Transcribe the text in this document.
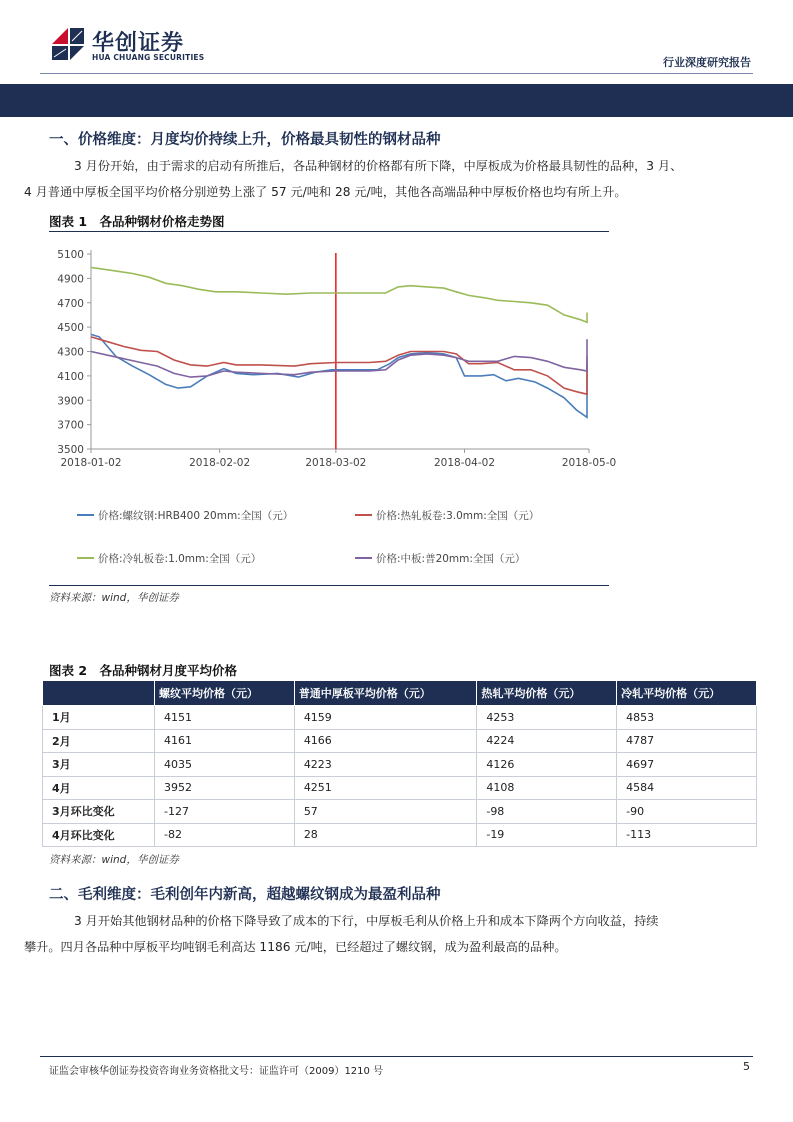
华创证券
HUA CHUANG SECURITIES	行业深度研究报告
一、价格维度：月度均价持续上升，价格最具韧性的钢材品种
3 月份开始，由于需求的启动有所推后，各品种钢材的价格都有所下降，中厚板成为价格最具韧性的品种，3 月、
4 月普通中厚板全国平均价格分别逆势上涨了 57 元/吨和 28 元/吨，其他各高端品种中厚板价格也均有所上升。
图表 1　各品种钢材价格走势图
5100
4900
4700
4500
4300
4100
3900
3700
3500
2018-01-02	2018-02-02	2018-03-02	2018-04-02	2018-05-0
价格:螺纹钢:HRB400 20mm:全国（元）	价格:热轧板卷:3.0mm:全国（元）
价格:冷轧板卷:1.0mm:全国（元）	价格:中板:普20mm:全国（元）
资料来源：wind，华创证券
图表 2　各品种钢材月度平均价格
	螺纹平均价格（元）	普通中厚板平均价格（元）	热轧平均价格（元）	冷轧平均价格（元）
1月	4151	4159	4253	4853
2月	4161	4166	4224	4787
3月	4035	4223	4126	4697
4月	3952	4251	4108	4584
3月环比变化	-127	57	-98	-90
4月环比变化	-82	28	-19	-113
资料来源：wind，华创证券
二、毛利维度：毛利创年内新高，超越螺纹钢成为最盈利品种
3 月开始其他钢材品种的价格下降导致了成本的下行，中厚板毛利从价格上升和成本下降两个方向收益，持续
攀升。四月各品种中厚板平均吨钢毛利高达 1186 元/吨，已经超过了螺纹钢，成为盈利最高的品种。
证监会审核华创证券投资咨询业务资格批文号：证监许可（2009）1210 号	5
